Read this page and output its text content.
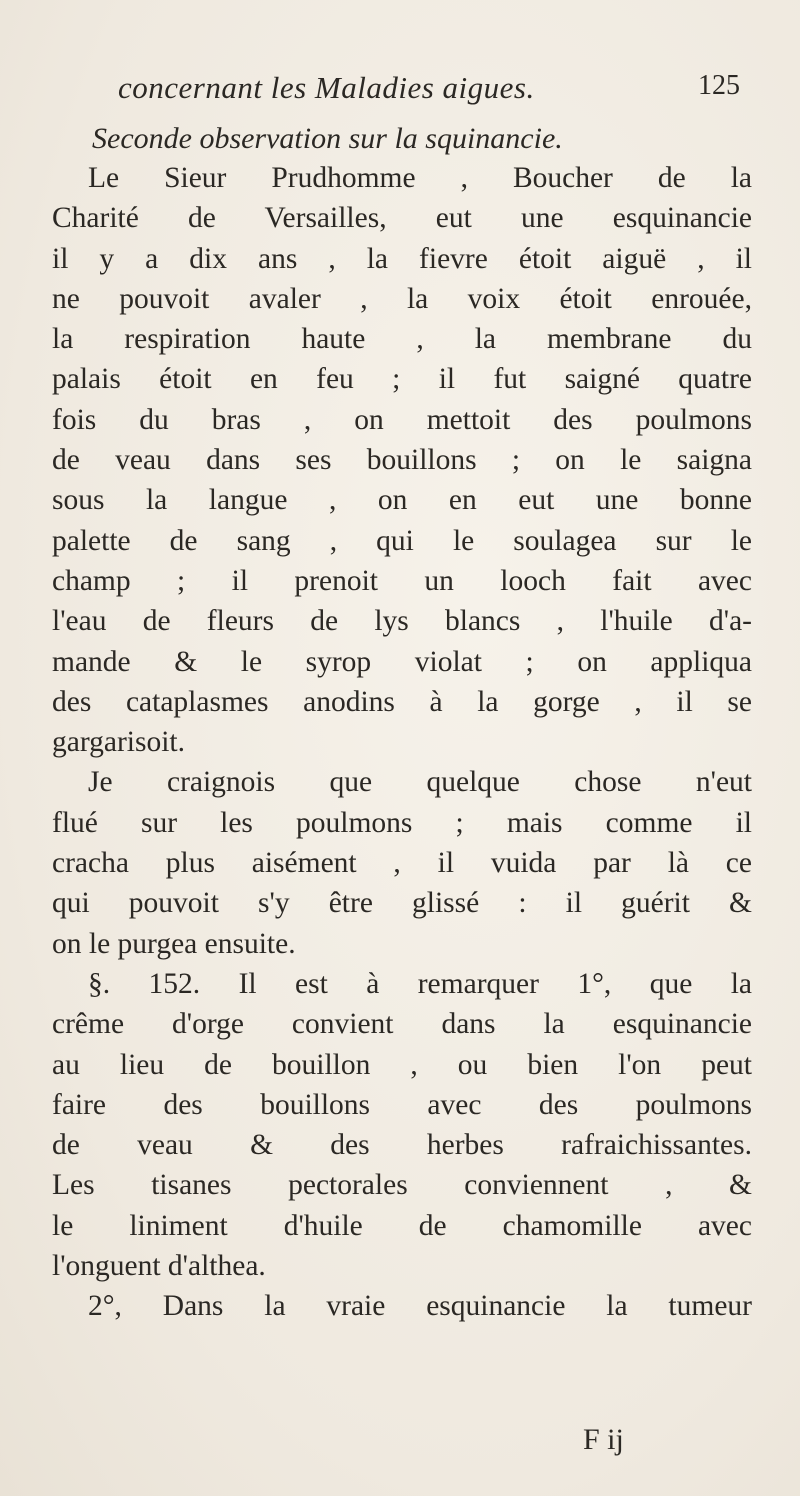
concernant les Maladies aigues.	125
Seconde observation sur la squinancie.
Le Sieur Prudhomme , Boucher de la
Charité de Versailles, eut une esquinancie
il y a dix ans , la fievre étoit aiguë , il
ne pouvoit avaler , la voix étoit enrouée,
la respiration haute , la membrane du
palais étoit en feu ; il fut saigné quatre
fois du bras , on mettoit des poulmons
de veau dans ses bouillons ; on le saigna
sous la langue , on en eut une bonne
palette de sang , qui le soulagea sur le
champ ; il prenoit un looch fait avec
l'eau de fleurs de lys blancs , l'huile d'a-
mande & le syrop violat ; on appliqua
des cataplasmes anodins à la gorge , il se
gargarisoit.
Je craignois que quelque chose n'eut
flué sur les poulmons ; mais comme il
cracha plus aisément , il vuida par là ce
qui pouvoit s'y être glissé : il guérit &
on le purgea ensuite.
§. 152. Il est à remarquer 1°, que la
crême d'orge convient dans la esquinancie
au lieu de bouillon , ou bien l'on peut
faire des bouillons avec des poulmons
de veau & des herbes rafraichissantes.
Les tisanes pectorales conviennent , &
le liniment d'huile de chamomille avec
l'onguent d'althea.
2°, Dans la vraie esquinancie la tumeur
F ij
